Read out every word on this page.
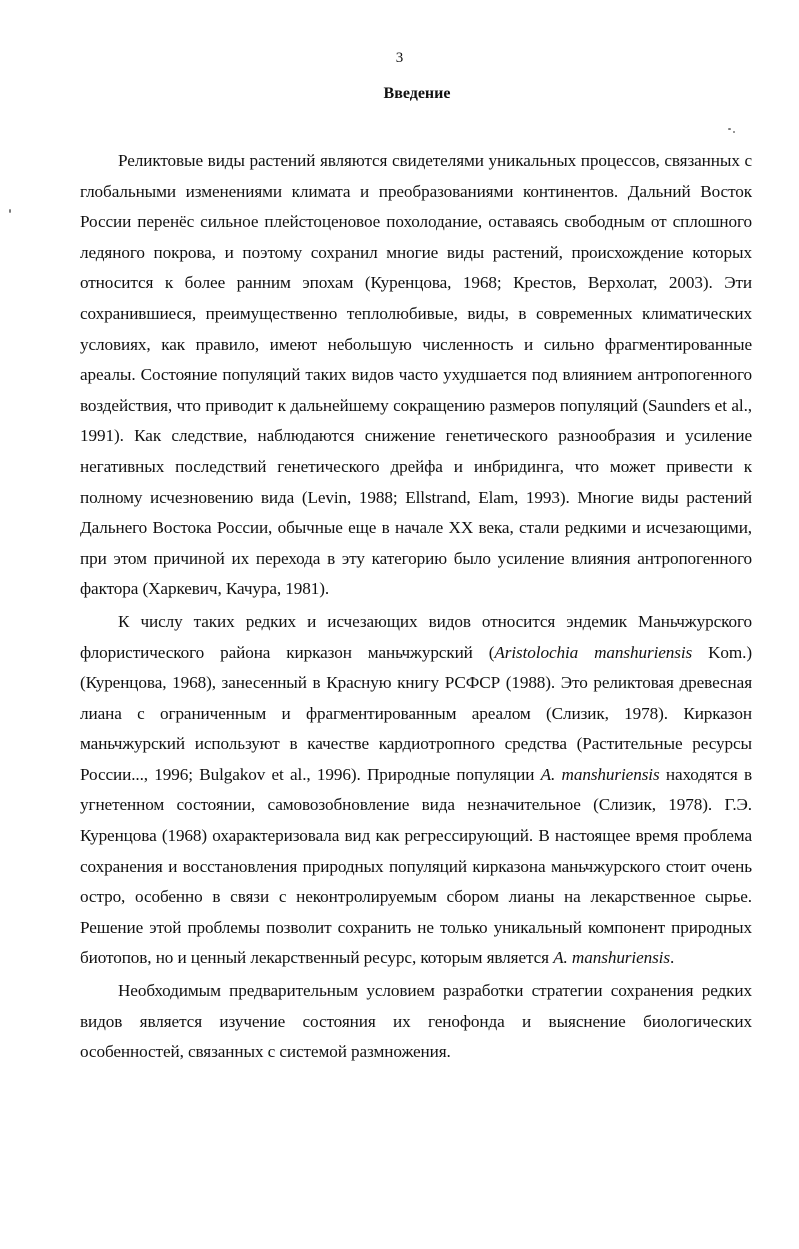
3
Введение

Реликтовые виды растений являются свидетелями уникальных процессов, связанных с глобальными изменениями климата и преобразованиями континентов. Дальний Восток России перенёс сильное плейстоценовое похолодание, оставаясь свободным от сплошного ледяного покрова, и поэтому сохранил многие виды растений, происхождение которых относится к более ранним эпохам (Куренцова, 1968; Крестов, Верхолат, 2003). Эти сохранившиеся, преимущественно теплолюбивые, виды, в современных климатических условиях, как правило, имеют небольшую численность и сильно фрагментированные ареалы. Состояние популяций таких видов часто ухудшается под влиянием антропогенного воздействия, что приводит к дальнейшему сокращению размеров популяций (Saunders et al., 1991). Как следствие, наблюдаются снижение генетического разнообразия и усиление негативных последствий генетического дрейфа и инбридинга, что может привести к полному исчезновению вида (Levin, 1988; Ellstrand, Elam, 1993). Многие виды растений Дальнего Востока России, обычные еще в начале XX века, стали редкими и исчезающими, при этом причиной их перехода в эту категорию было усиление влияния антропогенного фактора (Харкевич, Качура, 1981).

К числу таких редких и исчезающих видов относится эндемик Маньчжурского флористического района кирказон маньчжурский (Aristolochia manshuriensis Kom.) (Куренцова, 1968), занесенный в Красную книгу РСФСР (1988). Это реликтовая древесная лиана с ограниченным и фрагментированным ареалом (Слизик, 1978). Кирказон маньчжурский используют в качестве кардиотропного средства (Растительные ресурсы России..., 1996; Bulgakov et al., 1996). Природные популяции A. manshuriensis находятся в угнетенном состоянии, самовозобновление вида незначительное (Слизик, 1978). Г.Э. Куренцова (1968) охарактеризовала вид как регрессирующий. В настоящее время проблема сохранения и восстановления природных популяций кирказона маньчжурского стоит очень остро, особенно в связи с неконтролируемым сбором лианы на лекарственное сырье. Решение этой проблемы позволит сохранить не только уникальный компонент природных биотопов, но и ценный лекарственный ресурс, которым является A. manshuriensis.

Необходимым предварительным условием разработки стратегии сохранения редких видов является изучение состояния их генофонда и выяснение биологических особенностей, связанных с системой размножения.
